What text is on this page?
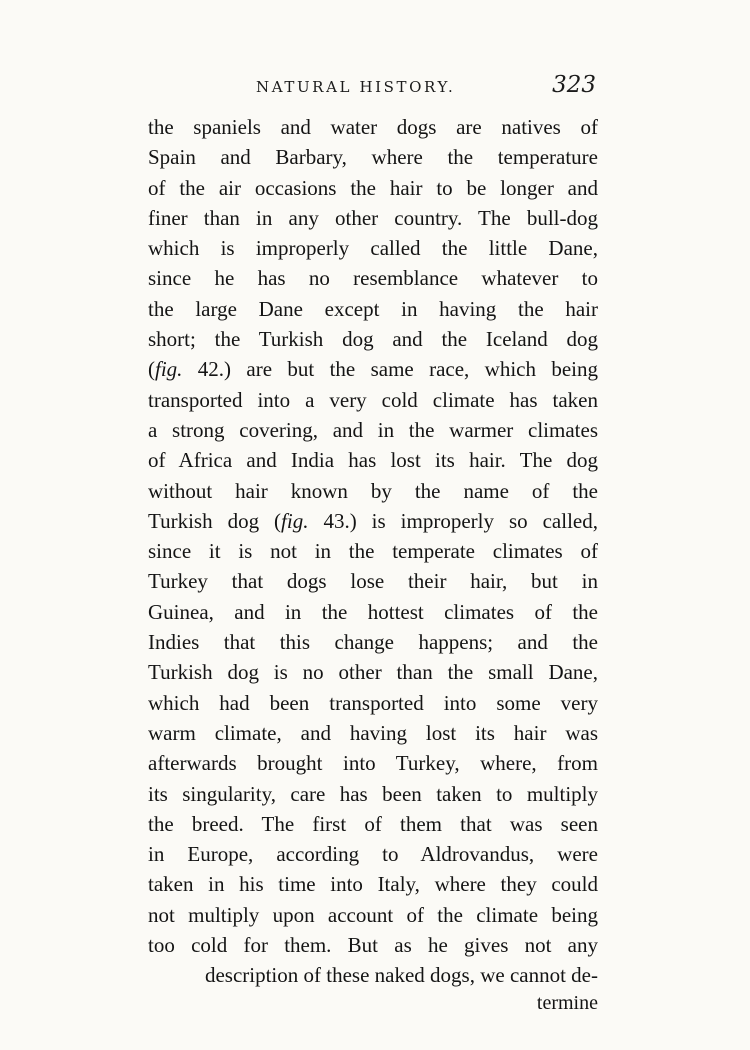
NATURAL HISTORY.	323
the spaniels and water dogs are natives of
Spain and Barbary, where the temperature
of the air occasions the hair to be longer and
finer than in any other country. The bull-dog
which is improperly called the little Dane,
since he has no resemblance whatever to
the large Dane except in having the hair
short; the Turkish dog and the Iceland dog
(fig. 42.) are but the same race, which being
transported into a very cold climate has taken
a strong covering, and in the warmer climates
of Africa and India has lost its hair. The dog
without hair known by the name of the
Turkish dog (fig. 43.) is improperly so called,
since it is not in the temperate climates of
Turkey that dogs lose their hair, but in
Guinea, and in the hottest climates of the
Indies that this change happens; and the
Turkish dog is no other than the small Dane,
which had been transported into some very
warm climate, and having lost its hair was
afterwards brought into Turkey, where, from
its singularity, care has been taken to multiply
the breed. The first of them that was seen
in Europe, according to Aldrovandus, were
taken in his time into Italy, where they could
not multiply upon account of the climate being
too cold for them. But as he gives not any
description of these naked dogs, we cannot de-
termine
